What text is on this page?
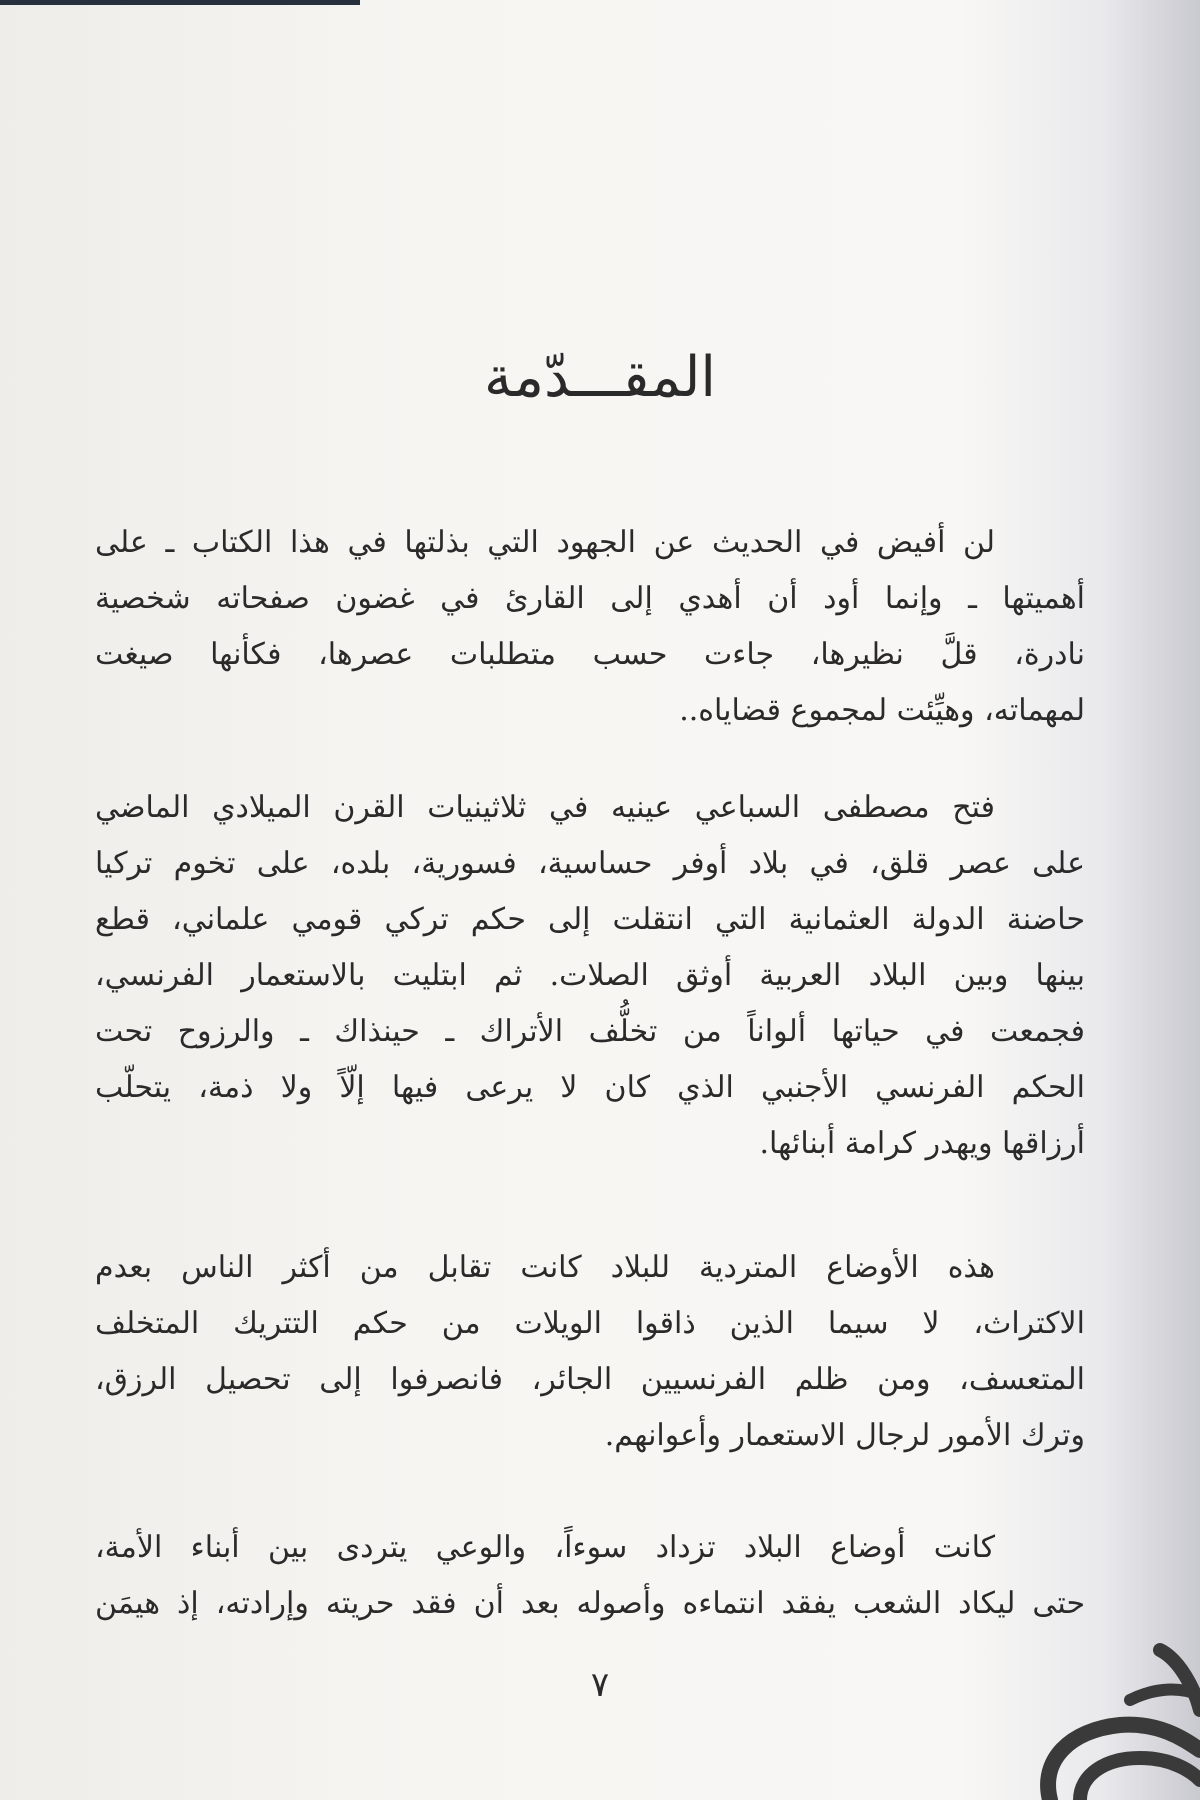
المقـــدّمة
لن أفيض في الحديث عن الجهود التي بذلتها في هذا الكتاب ـ على
أهميتها ـ وإنما أود أن أهدي إلى القارئ في غضون صفحاته شخصية
نادرة، قلَّ نظيرها، جاءت حسب متطلبات عصرها، فكأنها صيغت
لمهماته، وهيِّئت لمجموع قضاياه..
فتح مصطفى السباعي عينيه في ثلاثينيات القرن الميلادي الماضي
على عصر قلق، في بلاد أوفر حساسية، فسورية، بلده، على تخوم تركيا
حاضنة الدولة العثمانية التي انتقلت إلى حكم تركي قومي علماني، قطع
بينها وبين البلاد العربية أوثق الصلات. ثم ابتليت بالاستعمار الفرنسي،
فجمعت في حياتها ألواناً من تخلُّف الأتراك ـ حينذاك ـ والرزوح تحت
الحكم الفرنسي الأجنبي الذي كان لا يرعى فيها إلّاً ولا ذمة، يتحلّب
أرزاقها ويهدر كرامة أبنائها.
هذه الأوضاع المتردية للبلاد كانت تقابل من أكثر الناس بعدم
الاكتراث، لا سيما الذين ذاقوا الويلات من حكم التتريك المتخلف
المتعسف، ومن ظلم الفرنسيين الجائر، فانصرفوا إلى تحصيل الرزق،
وترك الأمور لرجال الاستعمار وأعوانهم.
كانت أوضاع البلاد تزداد سوءاً، والوعي يتردى بين أبناء الأمة،
حتى ليكاد الشعب يفقد انتماءه وأصوله بعد أن فقد حريته وإرادته، إذ هيمَن
٧
